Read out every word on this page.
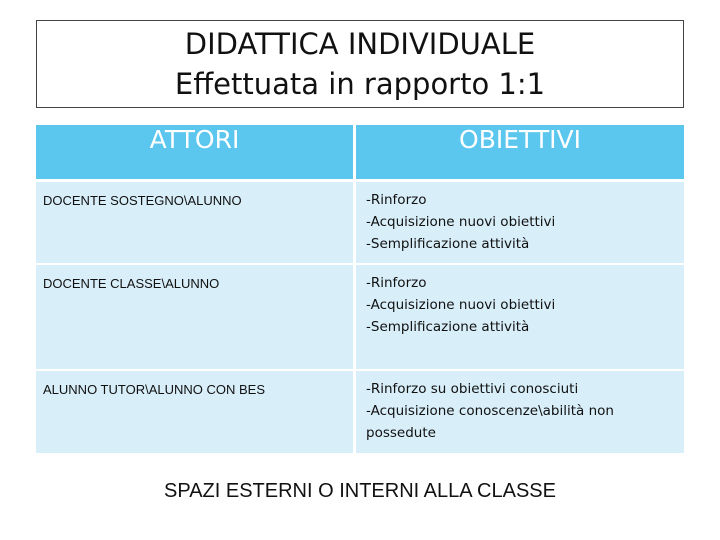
DIDATTICA INDIVIDUALE
Effettuata in rapporto 1:1
ATTORI	OBIETTIVI
DOCENTE SOSTEGNO\ALUNNO	-Rinforzo
-Acquisizione nuovi obiettivi
-Semplificazione attività

DOCENTE CLASSE\ALUNNO	-Rinforzo
-Acquisizione nuovi obiettivi
-Semplificazione attività

ALUNNO TUTOR\ALUNNO CON BES	-Rinforzo su obiettivi conosciuti
-Acquisizione conoscenze\abilità non
possedute
SPAZI ESTERNI O INTERNI ALLA CLASSE
